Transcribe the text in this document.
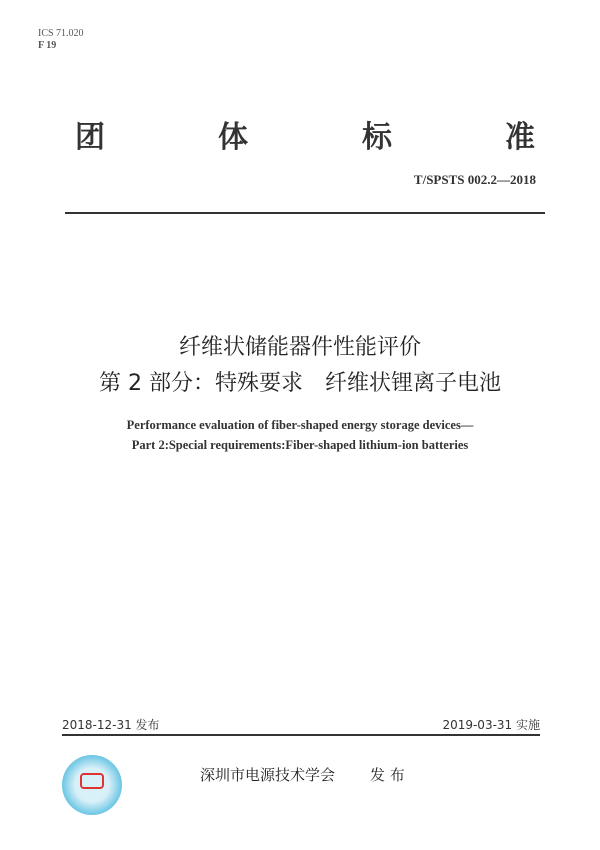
ICS 71.020
F 19
团	体	标	准
T/SPSTS 002.2—2018
纤维状储能器件性能评价
第 2 部分：特殊要求　纤维状锂离子电池
Performance evaluation of fiber-shaped energy storage devices—
Part 2:Special requirements:Fiber-shaped lithium-ion batteries
2018-12-31 发布	2019-03-31 实施
深圳市电源技术学会 发 布
